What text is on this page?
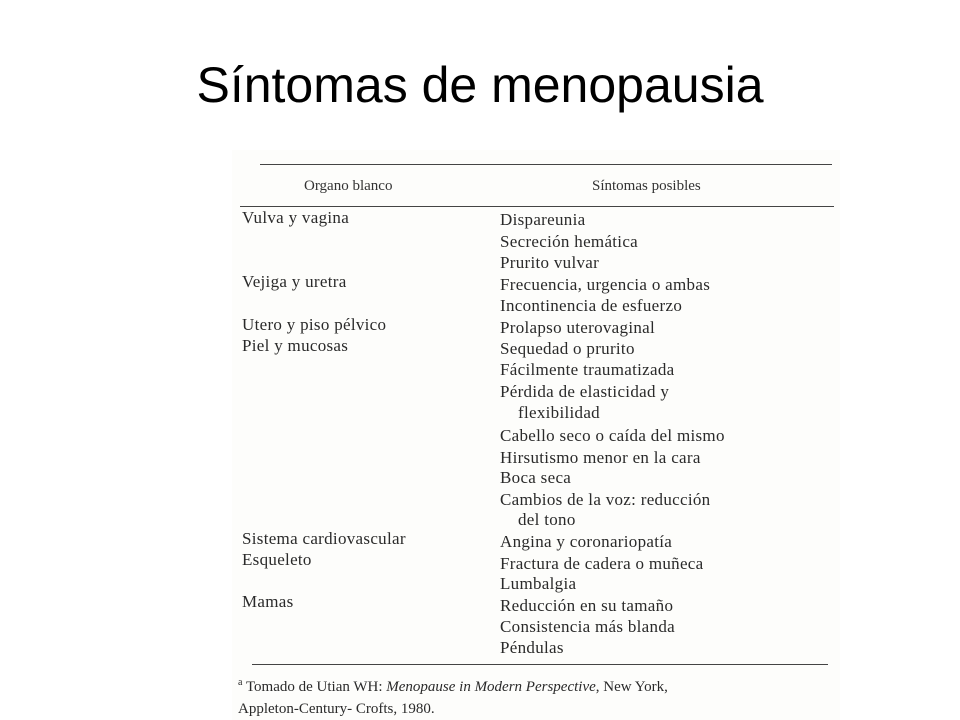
Síntomas de menopausia
Organo blanco	Síntomas posibles
Vulva y vagina
Vejiga y uretra
Utero y piso pélvico
Piel y mucosas
Sistema cardiovascular
Esqueleto
Mamas
Dispareunia
Secreción hemática
Prurito vulvar
Frecuencia, urgencia o ambas
Incontinencia de esfuerzo
Prolapso uterovaginal
Sequedad o prurito
Fácilmente traumatizada
Pérdida de elasticidad y
flexibilidad
Cabello seco o caída del mismo
Hirsutismo menor en la cara
Boca seca
Cambios de la voz: reducción
del tono
Angina y coronariopatía
Fractura de cadera o muñeca
Lumbalgia
Reducción en su tamaño
Consistencia más blanda
Péndulas
$^a$ Tomado de Utian WH: Menopause in Modern Perspective, New York,
Appleton-Century- Crofts, 1980.
